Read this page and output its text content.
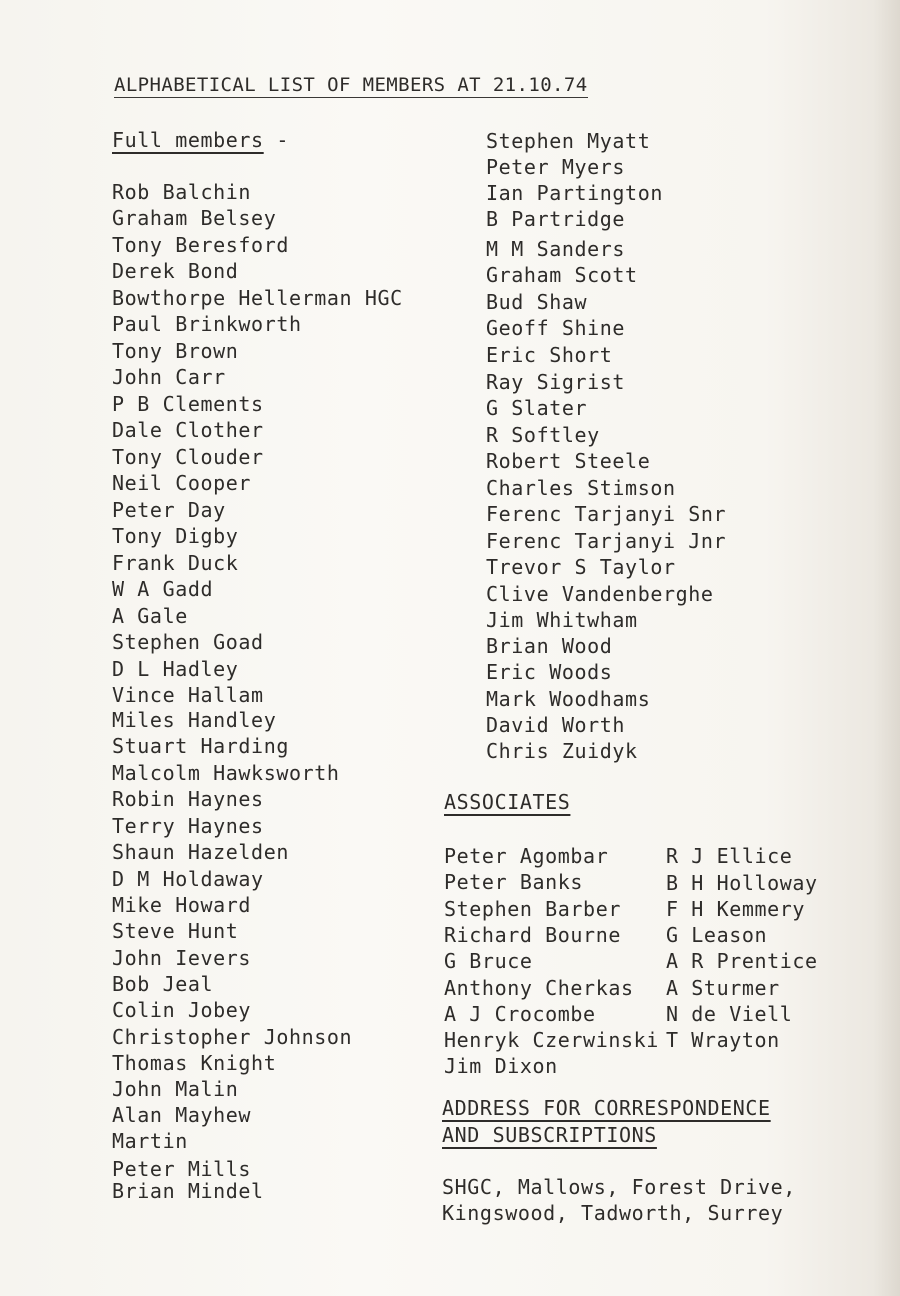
ALPHABETICAL LIST OF MEMBERS AT 21.10.74
Full members -
Rob Balchin
Graham Belsey
Tony Beresford
Derek Bond
Bowthorpe Hellerman HGC
Paul Brinkworth
Tony Brown
John Carr
P B Clements
Dale Clother
Tony Clouder
Neil Cooper
Peter Day
Tony Digby
Frank Duck
W A Gadd
A Gale
Stephen Goad
D L Hadley
Vince Hallam
Miles Handley
Stuart Harding
Malcolm Hawksworth
Robin Haynes
Terry Haynes
Shaun Hazelden
D M Holdaway
Mike Howard
Steve Hunt
John Ievers
Bob Jeal
Colin Jobey
Christopher Johnson
Thomas Knight
John Malin
Alan Mayhew
Martin
Peter Mills
Brian Mindel
Stephen Myatt
Peter Myers
Ian Partington
B Partridge
M M Sanders
Graham Scott
Bud Shaw
Geoff Shine
Eric Short
Ray Sigrist
G Slater
R Softley
Robert Steele
Charles Stimson
Ferenc Tarjanyi Snr
Ferenc Tarjanyi Jnr
Trevor S Taylor
Clive Vandenberghe
Jim Whitwham
Brian Wood
Eric Woods
Mark Woodhams
David Worth
Chris Zuidyk
ASSOCIATES
Peter Agombar
Peter Banks
Stephen Barber
Richard Bourne
G Bruce
Anthony Cherkas
A J Crocombe
Henryk Czerwinski
Jim Dixon
R J Ellice
B H Holloway
F H Kemmery
G Leason
A R Prentice
A Sturmer
N de Viell
T Wrayton
ADDRESS FOR CORRESPONDENCE
AND SUBSCRIPTIONS
SHGC, Mallows, Forest Drive,
Kingswood, Tadworth, Surrey
